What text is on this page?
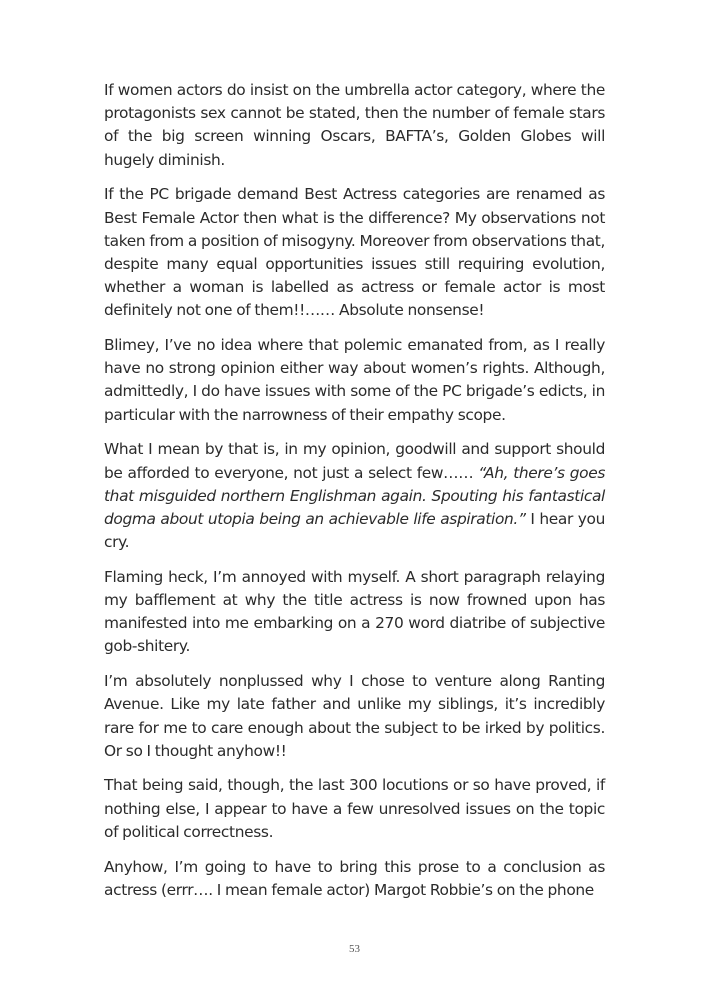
If women actors do insist on the umbrella actor category, where the protagonists sex cannot be stated, then the number of female stars of the big screen winning Oscars, BAFTA’s, Golden Globes will hugely diminish.

If the PC brigade demand Best Actress categories are renamed as Best Female Actor then what is the difference? My observations not taken from a position of misogyny. Moreover from observations that, despite many equal opportunities issues still requiring evolution, whether a woman is labelled as actress or female actor is most definitely not one of them!!…… Absolute nonsense!

Blimey, I’ve no idea where that polemic emanated from, as I really have no strong opinion either way about women’s rights. Although, admittedly, I do have issues with some of the PC brigade’s edicts, in particular with the narrowness of their empathy scope.

What I mean by that is, in my opinion, goodwill and support should be afforded to everyone, not just a select few…… “Ah, there’s goes that misguided northern Englishman again. Spouting his fantastical dogma about utopia being an achievable life aspiration.” I hear you cry.

Flaming heck, I’m annoyed with myself. A short paragraph relaying my bafflement at why the title actress is now frowned upon has manifested into me embarking on a 270 word diatribe of subjective gob-shitery.

I’m absolutely nonplussed why I chose to venture along Ranting Avenue. Like my late father and unlike my siblings, it’s incredibly rare for me to care enough about the subject to be irked by politics. Or so I thought anyhow!!

That being said, though, the last 300 locutions or so have proved, if nothing else, I appear to have a few unresolved issues on the topic of political correctness.

Anyhow, I’m going to have to bring this prose to a conclusion as actress (errr…. I mean female actor) Margot Robbie’s on the phone

53
